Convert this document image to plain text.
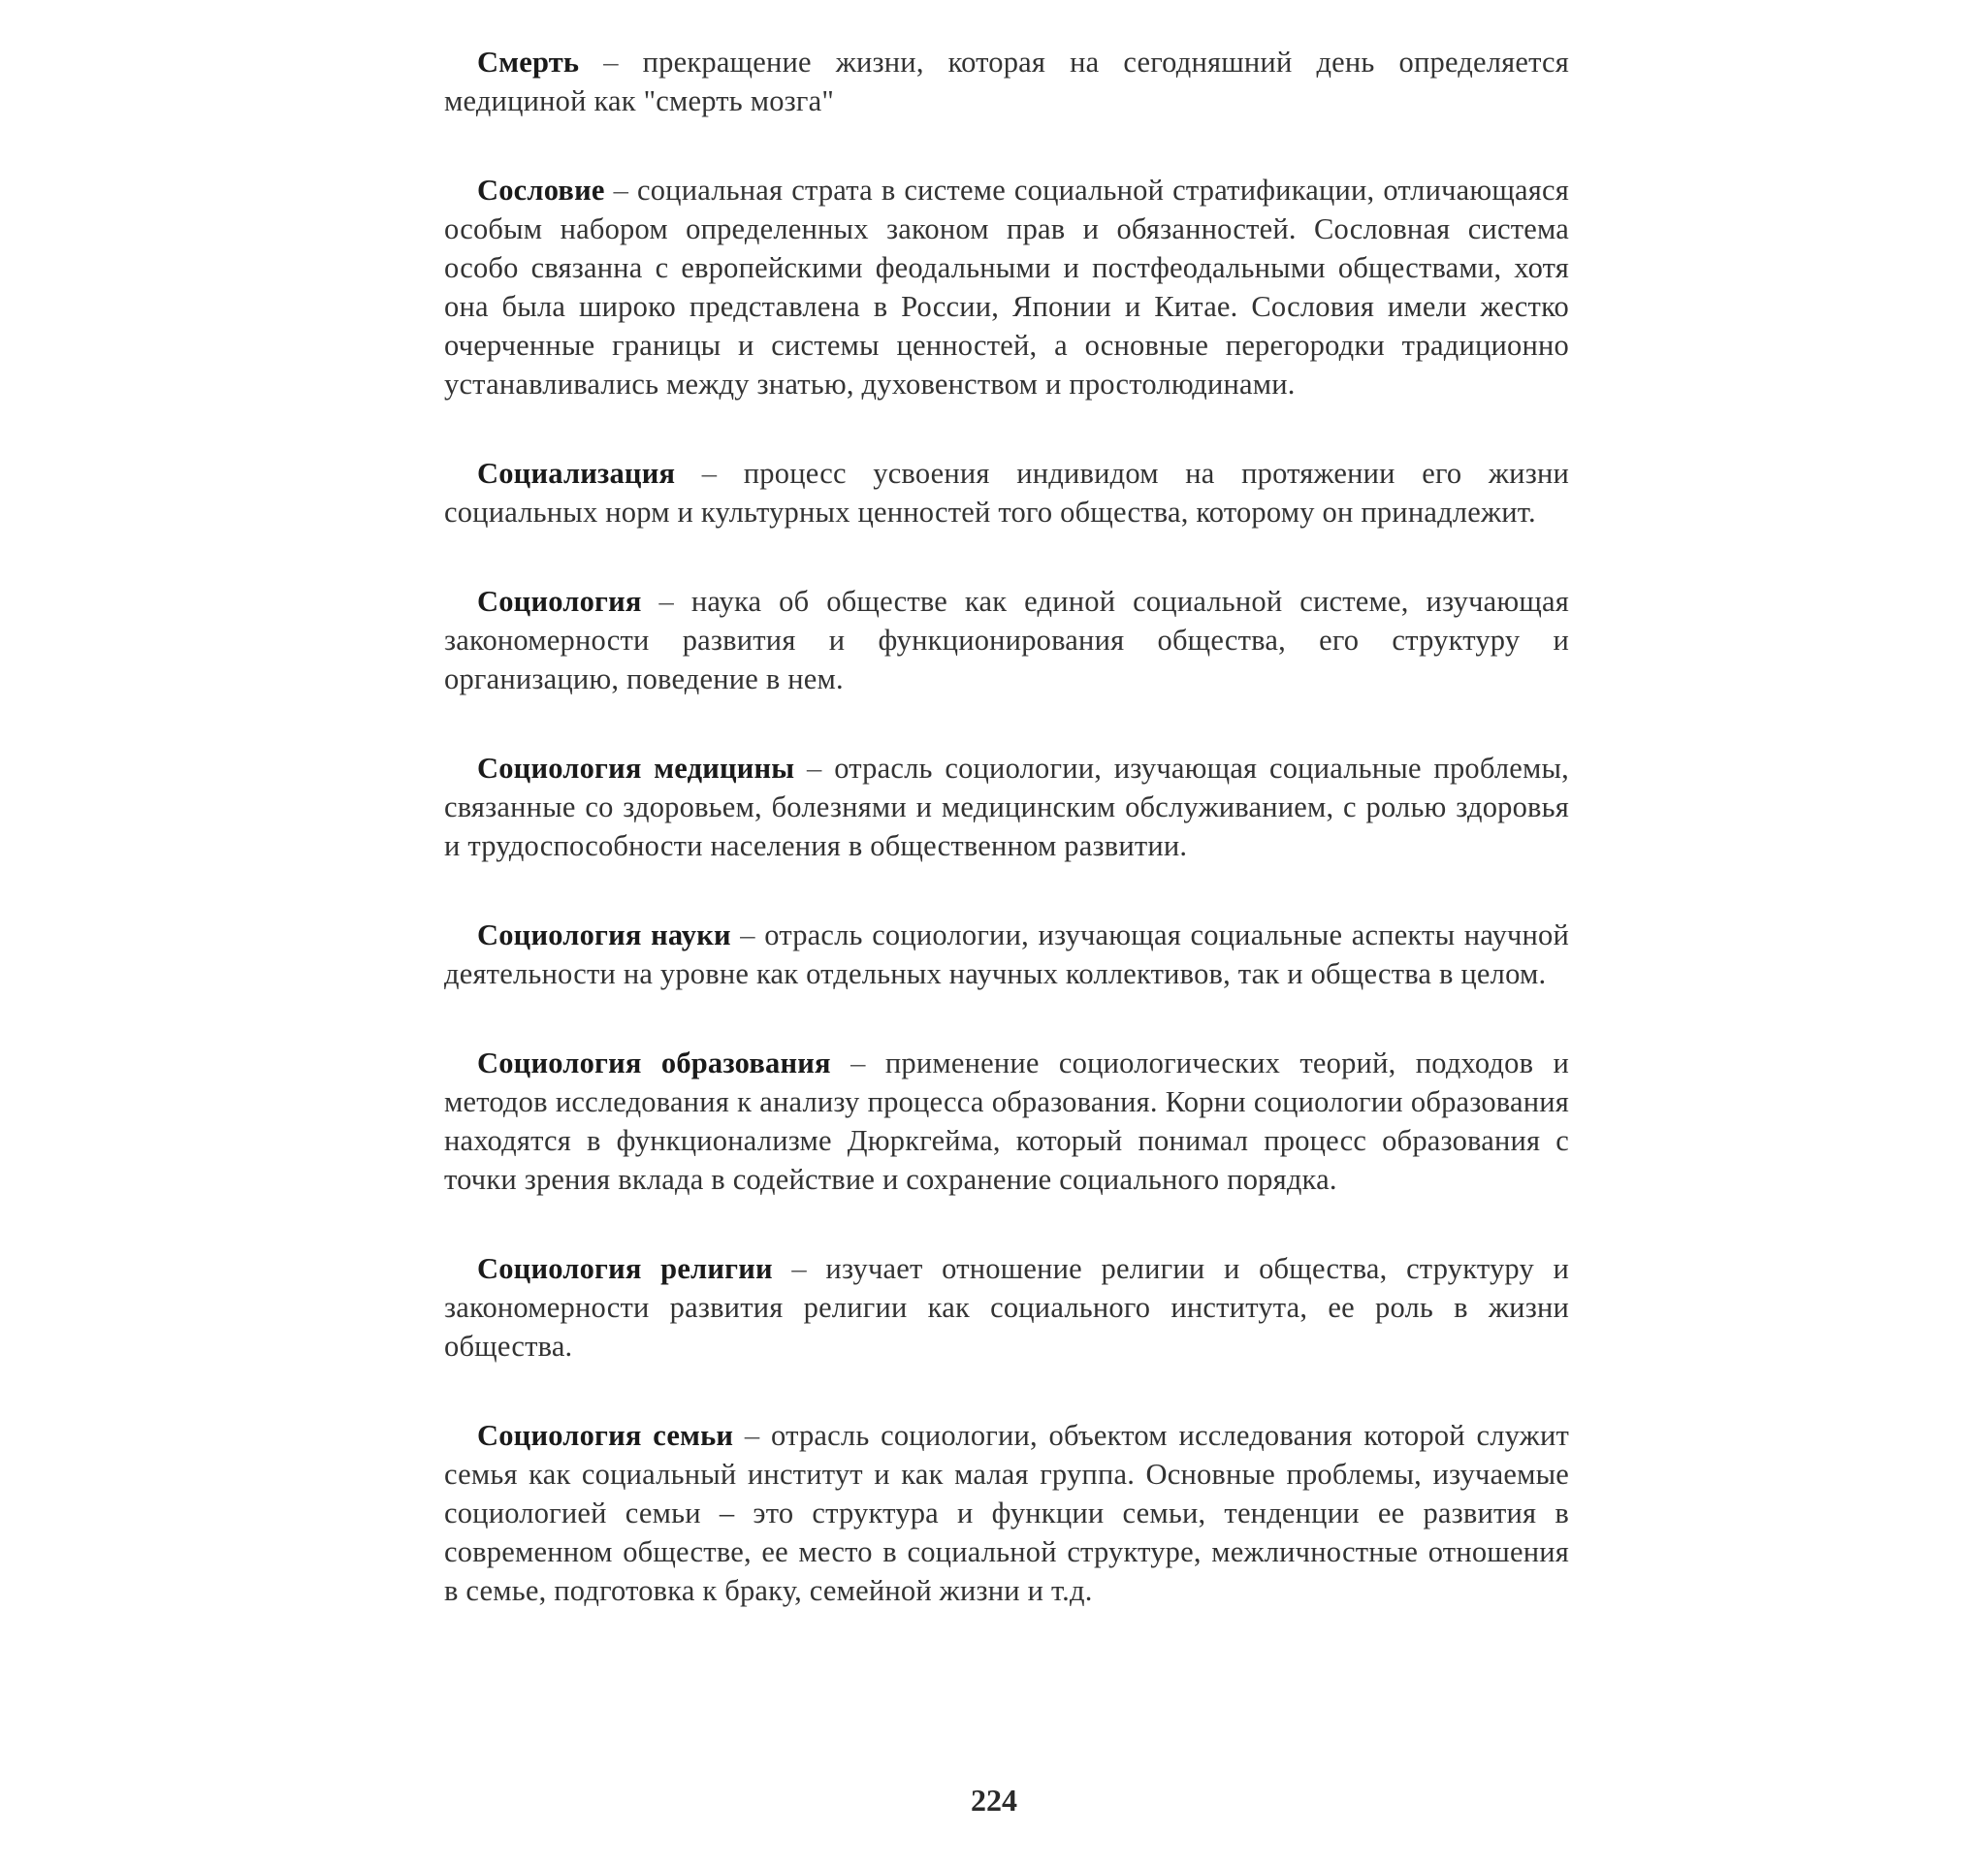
Смерть – прекращение жизни, которая на сегодняшний день определяется медициной как "смерть мозга"

Сословие – социальная страта в системе социальной стратификации, отличающаяся особым набором определенных законом прав и обязанностей. Сословная система особо связанна с европейскими феодальными и постфеодальными обществами, хотя она была широко представлена в России, Японии и Китае. Сословия имели жестко очерченные границы и системы ценностей, а основные перегородки традиционно устанавливались между знатью, духовенством и простолюдинами.

Социализация – процесс усвоения индивидом на протяжении его жизни социальных норм и культурных ценностей того общества, которому он принадлежит.

Социология – наука об обществе как единой социальной системе, изучающая закономерности развития и функционирования общества, его структуру и организацию, поведение в нем.

Социология медицины – отрасль социологии, изучающая социальные проблемы, связанные со здоровьем, болезнями и медицинским обслуживанием, с ролью здоровья и трудоспособности населения в общественном развитии.

Социология науки – отрасль социологии, изучающая социальные аспекты научной деятельности на уровне как отдельных научных коллективов, так и общества в целом.

Социология образования – применение социологических теорий, подходов и методов исследования к анализу процесса образования. Корни социологии образования находятся в функционализме Дюркгейма, который понимал процесс образования с точки зрения вклада в содействие и сохранение социального порядка.

Социология религии – изучает отношение религии и общества, структуру и закономерности развития религии как социального института, ее роль в жизни общества.

Социология семьи – отрасль социологии, объектом исследования которой служит семья как социальный институт и как малая группа. Основные проблемы, изучаемые социологией семьи – это структура и функции семьи, тенденции ее развития в современном обществе, ее место в социальной структуре, межличностные отношения в семье, подготовка к браку, семейной жизни и т.д.

224
